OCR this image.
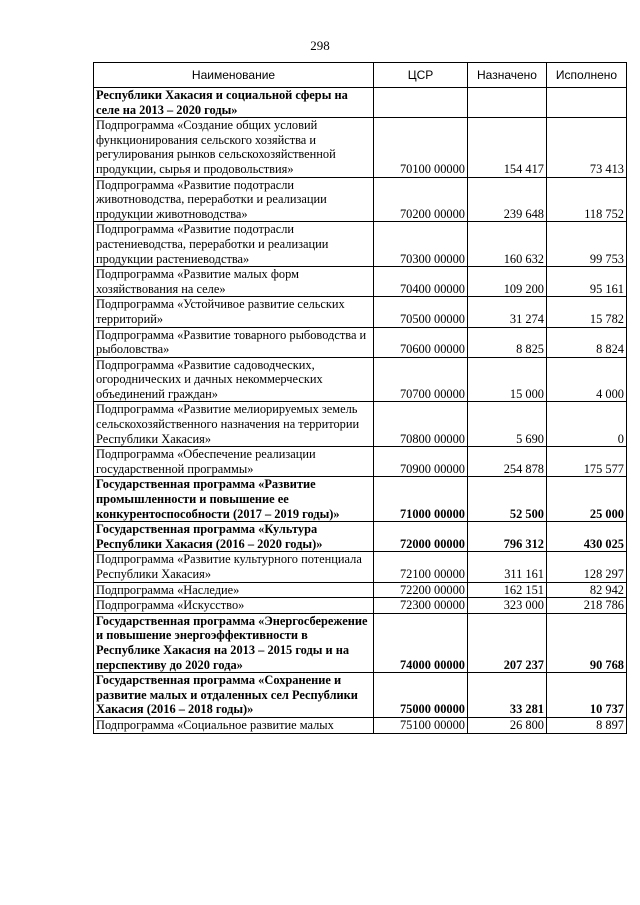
298
Наименование	ЦСР	Назначено	Исполнено
Республики Хакасия и социальной сферы на селе на 2013 – 2020 годы»			
Подпрограмма «Создание общих условий функционирования сельского хозяйства и регулирования рынков сельскохозяйственной продукции, сырья и продовольствия»	70100 00000	154 417	73 413
Подпрограмма «Развитие подотрасли животноводства, переработки и реализации продукции животноводства»	70200 00000	239 648	118 752
Подпрограмма «Развитие подотрасли растениеводства, переработки и реализации продукции растениеводства»	70300 00000	160 632	99 753
Подпрограмма «Развитие малых форм хозяйствования на селе»	70400 00000	109 200	95 161
Подпрограмма «Устойчивое развитие сельских территорий»	70500 00000	31 274	15 782
Подпрограмма «Развитие товарного рыбоводства и рыболовства»	70600 00000	8 825	8 824
Подпрограмма «Развитие садоводческих, огороднических и дачных некоммерческих объединений граждан»	70700 00000	15 000	4 000
Подпрограмма «Развитие мелиорируемых земель сельскохозяйственного назначения на территории Республики Хакасия»	70800 00000	5 690	0
Подпрограмма «Обеспечение реализации государственной программы»	70900 00000	254 878	175 577
Государственная программа «Развитие промышленности и повышение ее конкурентоспособности (2017 – 2019 годы)»	71000 00000	52 500	25 000
Государственная программа «Культура Республики Хакасия (2016 – 2020 годы)»	72000 00000	796 312	430 025
Подпрограмма «Развитие культурного потенциала Республики Хакасия»	72100 00000	311 161	128 297
Подпрограмма «Наследие»	72200 00000	162 151	82 942
Подпрограмма «Искусство»	72300 00000	323 000	218 786
Государственная программа «Энергосбережение и повышение энергоэффективности в Республике Хакасия на 2013 – 2015 годы и на перспективу до 2020 года»	74000 00000	207 237	90 768
Государственная программа «Сохранение и развитие малых и отдаленных сел Республики Хакасия (2016 – 2018 годы)»	75000 00000	33 281	10 737
Подпрограмма «Социальное развитие малых	75100 00000	26 800	8 897
